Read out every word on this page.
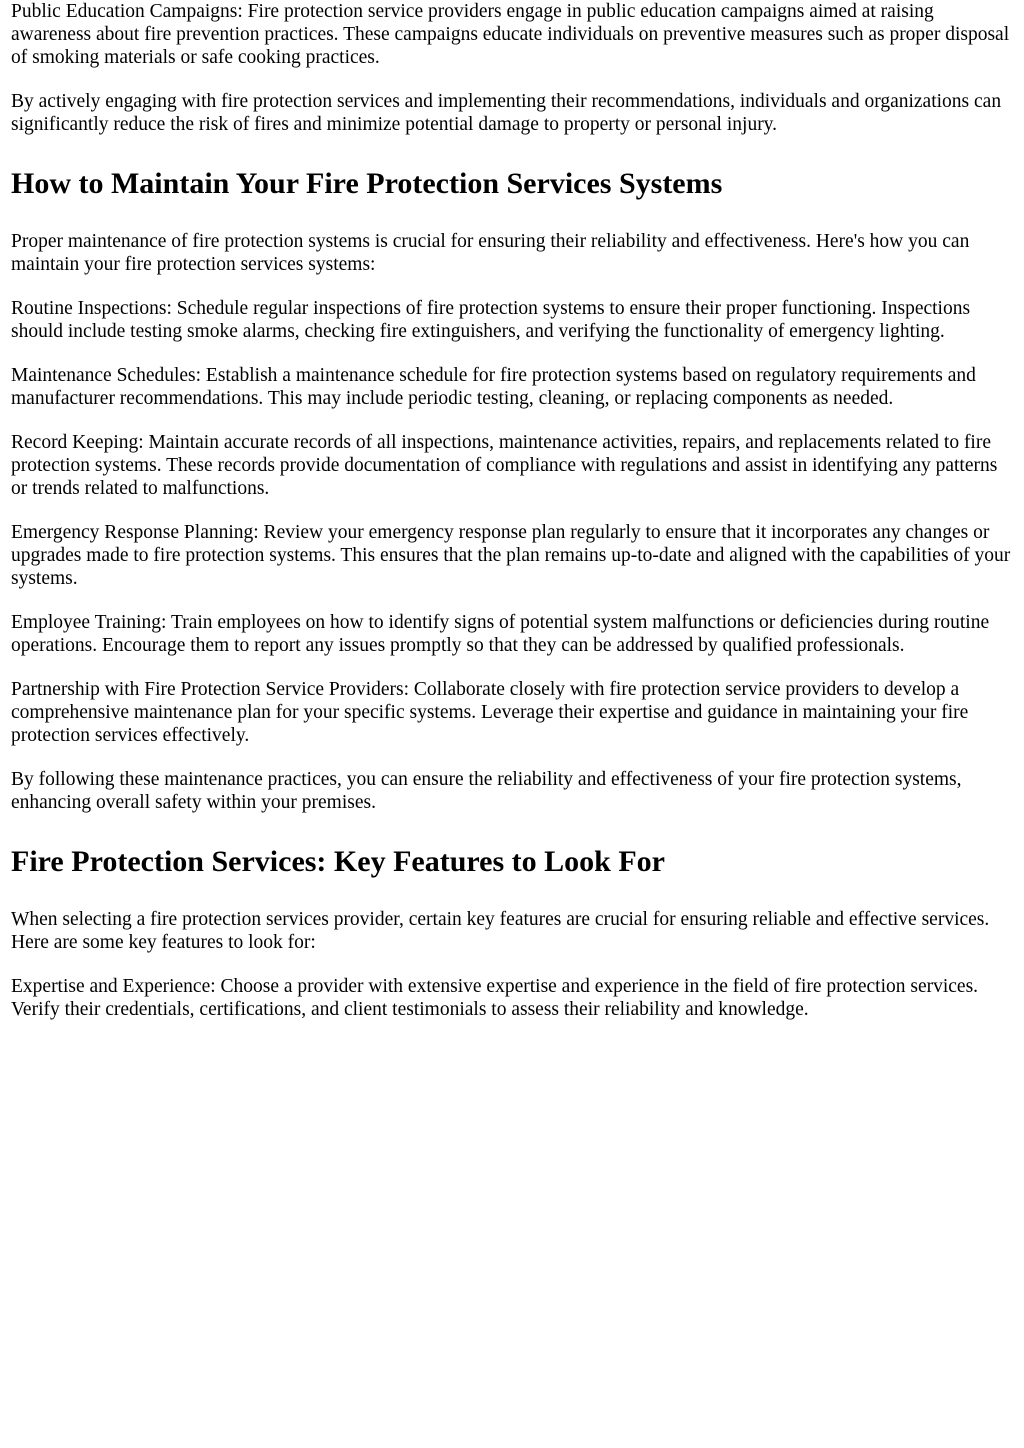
Public Education Campaigns: Fire protection service providers engage in public education campaigns aimed at raising awareness about fire prevention practices. These campaigns educate individuals on preventive measures such as proper disposal of smoking materials or safe cooking practices.

By actively engaging with fire protection services and implementing their recommendations, individuals and organizations can significantly reduce the risk of fires and minimize potential damage to property or personal injury.

How to Maintain Your Fire Protection Services Systems

Proper maintenance of fire protection systems is crucial for ensuring their reliability and effectiveness. Here's how you can maintain your fire protection services systems:

Routine Inspections: Schedule regular inspections of fire protection systems to ensure their proper functioning. Inspections should include testing smoke alarms, checking fire extinguishers, and verifying the functionality of emergency lighting.

Maintenance Schedules: Establish a maintenance schedule for fire protection systems based on regulatory requirements and manufacturer recommendations. This may include periodic testing, cleaning, or replacing components as needed.

Record Keeping: Maintain accurate records of all inspections, maintenance activities, repairs, and replacements related to fire protection systems. These records provide documentation of compliance with regulations and assist in identifying any patterns or trends related to malfunctions.

Emergency Response Planning: Review your emergency response plan regularly to ensure that it incorporates any changes or upgrades made to fire protection systems. This ensures that the plan remains up-to-date and aligned with the capabilities of your systems.

Employee Training: Train employees on how to identify signs of potential system malfunctions or deficiencies during routine operations. Encourage them to report any issues promptly so that they can be addressed by qualified professionals.

Partnership with Fire Protection Service Providers: Collaborate closely with fire protection service providers to develop a comprehensive maintenance plan for your specific systems. Leverage their expertise and guidance in maintaining your fire protection services effectively.

By following these maintenance practices, you can ensure the reliability and effectiveness of your fire protection systems, enhancing overall safety within your premises.

Fire Protection Services: Key Features to Look For

When selecting a fire protection services provider, certain key features are crucial for ensuring reliable and effective services. Here are some key features to look for:

Expertise and Experience: Choose a provider with extensive expertise and experience in the field of fire protection services. Verify their credentials, certifications, and client testimonials to assess their reliability and knowledge.
